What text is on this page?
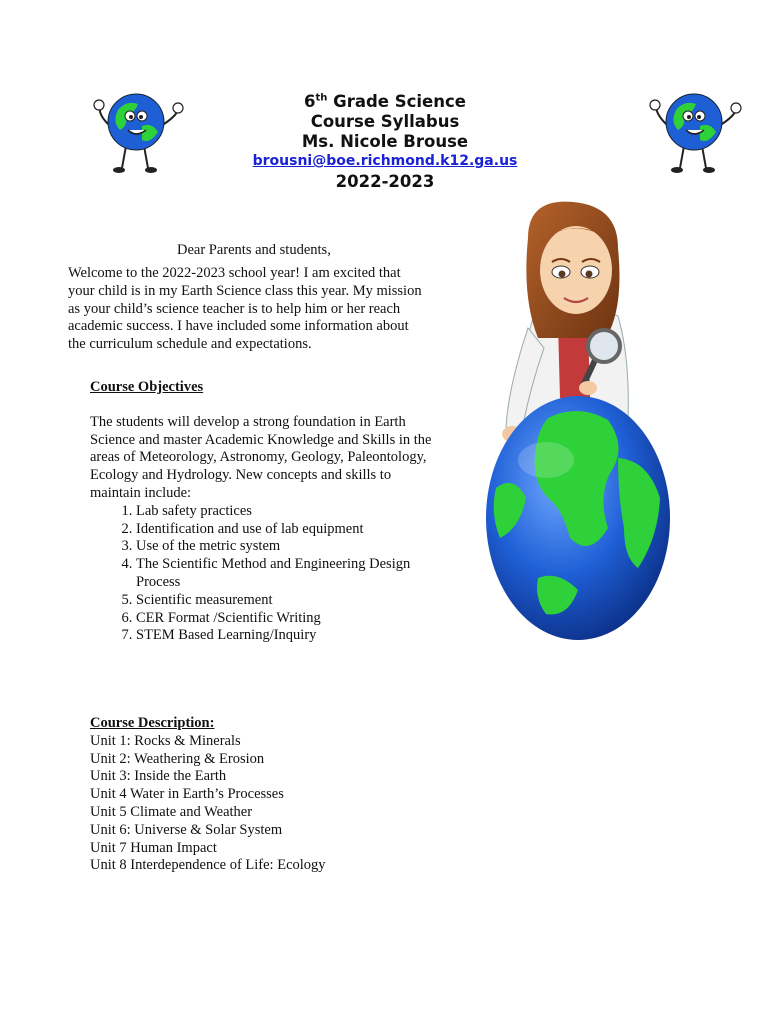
6th Grade Science
Course Syllabus
Ms. Nicole Brouse
brousni@boe.richmond.k12.ga.us
2022-2023
Dear Parents and students,
Welcome to the 2022-2023 school year! I am excited that your child is in my Earth Science class this year. My mission as your child’s science teacher is to help him or her reach academic success. I have included some information about the curriculum schedule and expectations.
Course Objectives
The students will develop a strong foundation in Earth Science and master Academic Knowledge and Skills in the areas of Meteorology, Astronomy, Geology, Paleontology, Ecology and Hydrology. New concepts and skills to maintain include:
1. Lab safety practices
2. Identification and use of lab equipment
3. Use of the metric system
4. The Scientific Method and Engineering Design Process
5. Scientific measurement
6. CER Format /Scientific Writing
7. STEM Based Learning/Inquiry
Course Description:
Unit 1: Rocks & Minerals
Unit 2: Weathering & Erosion
Unit 3: Inside the Earth
Unit 4 Water in Earth’s Processes
Unit 5 Climate and Weather
Unit 6: Universe & Solar System
Unit 7 Human Impact
Unit 8 Interdependence of Life: Ecology
